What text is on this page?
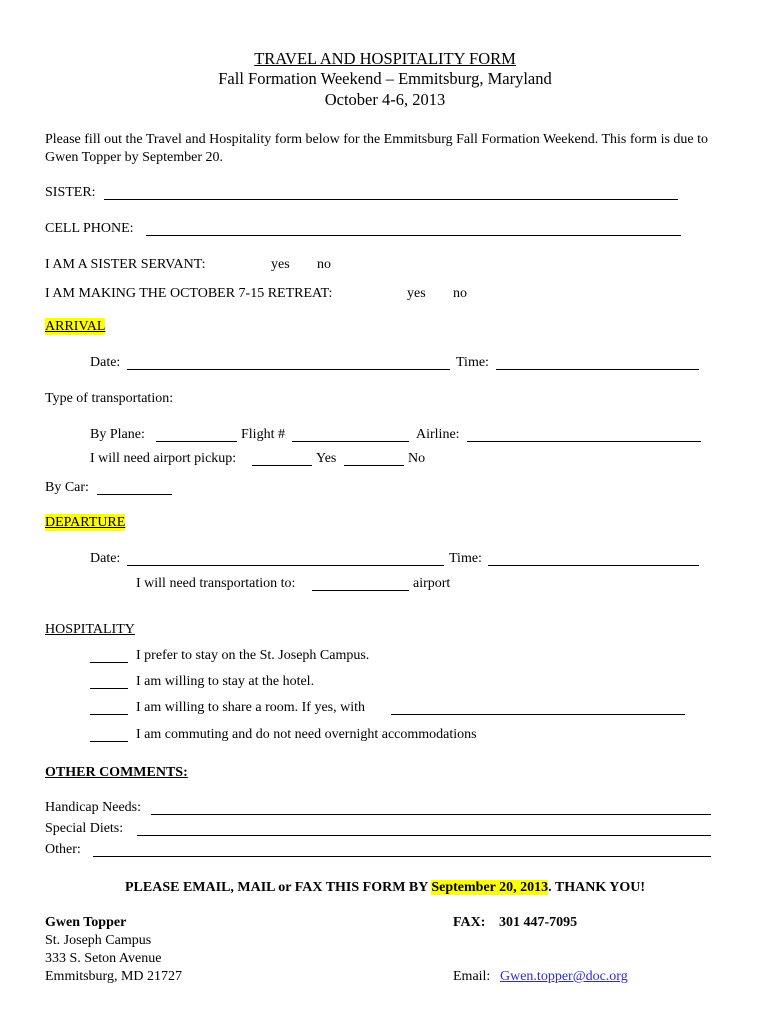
TRAVEL AND HOSPITALITY FORM
Fall Formation Weekend – Emmitsburg, Maryland
October 4-6, 2013
Please fill out the Travel and Hospitality form below for the Emmitsburg Fall Formation Weekend. This form is due to Gwen Topper by September 20.
SISTER:
CELL PHONE:
I AM A SISTER SERVANT:	yes no
I AM MAKING THE OCTOBER 7-15 RETREAT:	yes no
ARRIVAL
Date:	Time:
Type of transportation:
By Plane:	Flight #	Airline:
I will need airport pickup:	Yes	No
By Car:
DEPARTURE
Date:	Time:
I will need transportation to:	airport
HOSPITALITY
I prefer to stay on the St. Joseph Campus.
I am willing to stay at the hotel.
I am willing to share a room. If yes, with
I am commuting and do not need overnight accommodations
OTHER COMMENTS:
Handicap Needs:
Special Diets:
Other:
PLEASE EMAIL, MAIL or FAX THIS FORM BY September 20, 2013. THANK YOU!
Gwen Topper
St. Joseph Campus
333 S. Seton Avenue
Emmitsburg, MD 21727
FAX: 301 447-7095
Email: Gwen.topper@doc.org
